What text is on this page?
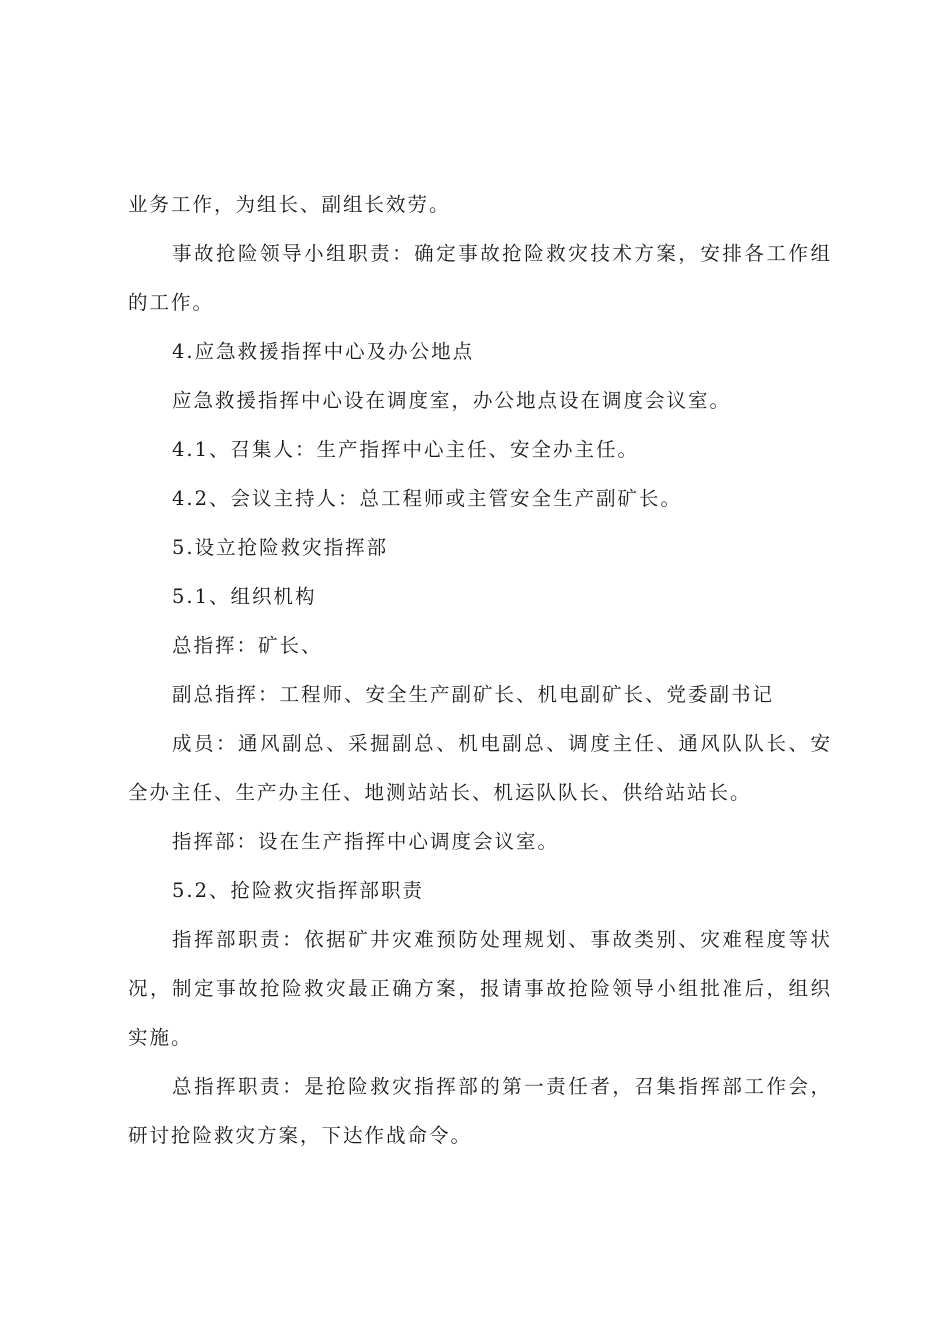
业务工作，为组长、副组长效劳。

事故抢险领导小组职责：确定事故抢险救灾技术方案，安排各工作组的工作。

4.应急救援指挥中心及办公地点

应急救援指挥中心设在调度室，办公地点设在调度会议室。

4.1、召集人：生产指挥中心主任、安全办主任。

4.2、会议主持人：总工程师或主管安全生产副矿长。

5.设立抢险救灾指挥部

5.1、组织机构

总指挥：矿长、

副总指挥：工程师、安全生产副矿长、机电副矿长、党委副书记

成员：通风副总、采掘副总、机电副总、调度主任、通风队队长、安全办主任、生产办主任、地测站站长、机运队队长、供给站站长。

指挥部：设在生产指挥中心调度会议室。

5.2、抢险救灾指挥部职责

指挥部职责：依据矿井灾难预防处理规划、事故类别、灾难程度等状况，制定事故抢险救灾最正确方案，报请事故抢险领导小组批准后，组织实施。

总指挥职责：是抢险救灾指挥部的第一责任者，召集指挥部工作会，研讨抢险救灾方案，下达作战命令。
